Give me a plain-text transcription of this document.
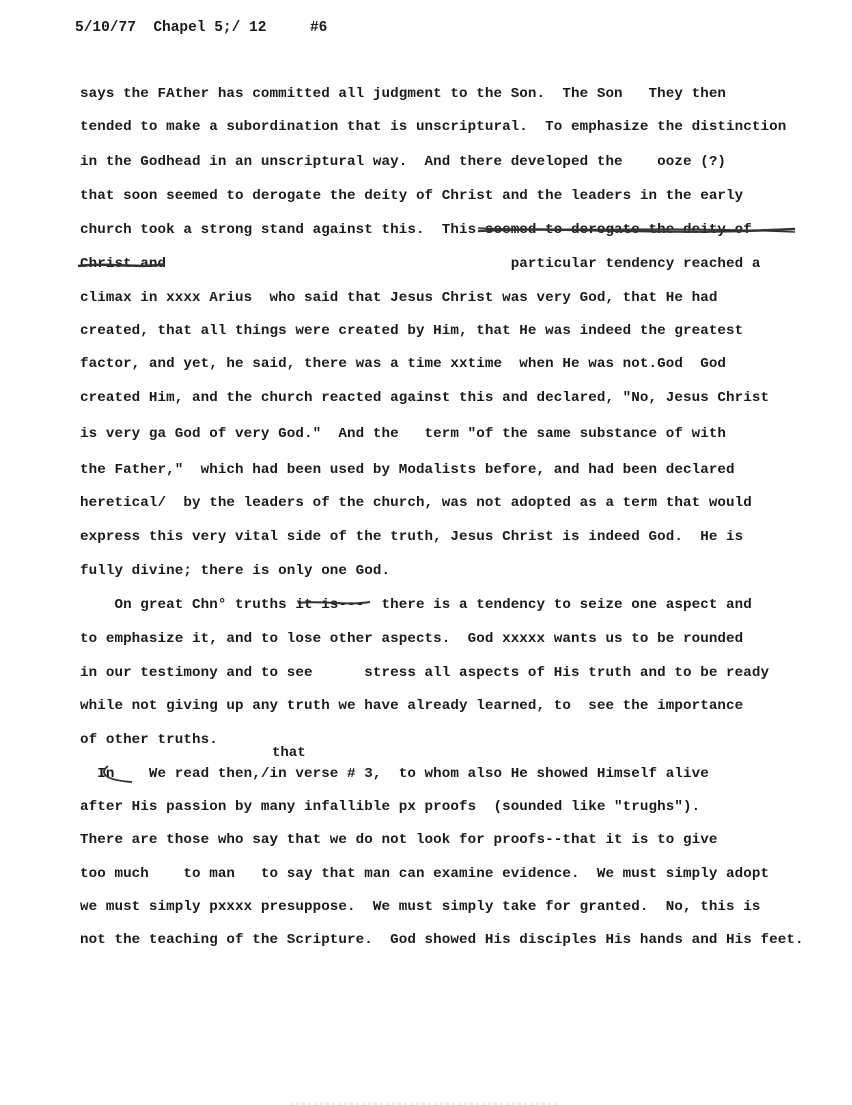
5/10/77  Chapel 5;/ 12     #6
says the FAther has committed all judgment to the Son.  The Son   They then
tended to make a subordination that is unscriptural.  To emphasize the distinction
in the Godhead in an unscriptural way.  And there developed the    ooze (?)
that soon seemed to derogate the deity of Christ and the leaders in the early
church took a strong stand against this.  This seemed to derogate the deity of
Christ and                                        particular tendency reached a
climax in xxxx Arius  who said that Jesus Christ was very God, that He had
created, that all things were created by Him, that He was indeed the greatest
factor, and yet, he said, there was a time xxtime  when He was not.God  God
created Him, and the church reacted against this and declared, "No, Jesus Christ
is very ga God of very God."  And the   term "of the same substance of with
the Father,"  which had been used by Modalists before, and had been declared
heretical/  by the leaders of the church, was not adopted as a term that would
express this very vital side of the truth, Jesus Christ is indeed God.  He is
fully divine; there is only one God.
On great Chn° truths it is---  there is a tendency to seize one aspect and
to emphasize it, and to lose other aspects.  God xxxxx wants us to be rounded
in our testimony and to see      stress all aspects of His truth and to be ready
while not giving up any truth we have already learned, to  see the importance
of other truths.
that
In    We read then,/in verse # 3,  to whom also He showed Himself alive
after His passion by many infallible px proofs  (sounded like "trughs").
There are those who say that we do not look for proofs--that it is to give
too much    to man   to say that man can examine evidence.  We must simply adopt
we must simply pxxxx presuppose.  We must simply take for granted.  No, this is
not the teaching of the Scripture.  God showed His disciples His hands and His feet.
